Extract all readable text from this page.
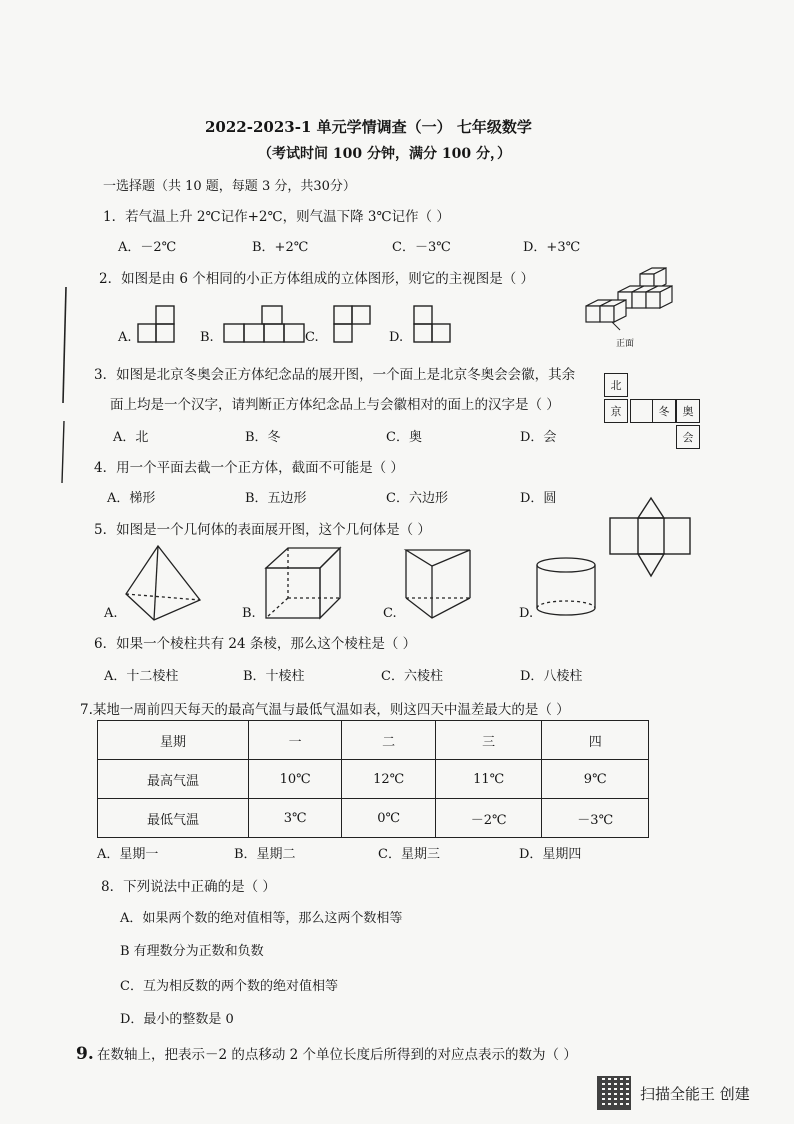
2022-2023-1 单元学情调查（一） 七年级数学
（考试时间 100 分钟，满分 100 分，）
一选择题（共 10 题，每题 3 分，共30分）
1．若气温上升 2℃记作+2℃，则气温下降 3℃记作（ ）
A．－2℃	B．+2℃	C．－3℃	D．+3℃
2．如图是由 6 个相同的小正方体组成的立体图形，则它的主视图是（ ）
A.	B.	C.	D.	正面
3．如图是北京冬奥会正方体纪念品的展开图，一个面上是北京冬奥会会徽，其余
面上均是一个汉字，请判断正方体纪念品上与会徽相对的面上的汉字是（ ）
A．北	B．冬	C．奥	D．会
北
京	冬	奥
会
4．用一个平面去截一个正方体，截面不可能是（ ）
A．梯形	B．五边形	C．六边形	D．圆
5．如图是一个几何体的表面展开图，这个几何体是（ ）
A.	B.	C.	D.
6．如果一个棱柱共有 24 条棱，那么这个棱柱是（ ）
A．十二棱柱	B．十棱柱	C．六棱柱	D．八棱柱
7.某地一周前四天每天的最高气温与最低气温如表，则这四天中温差最大的是（ ）
星期	一	二	三	四
最高气温	10℃	12℃	11℃	9℃
最低气温	3℃	0℃	－2℃	－3℃
A．星期一	B．星期二	C．星期三	D．星期四
8．下列说法中正确的是（ ）
A．如果两个数的绝对值相等，那么这两个数相等
B 有理数分为正数和负数
C．互为相反数的两个数的绝对值相等
D．最小的整数是 0
9. 在数轴上，把表示－2 的点移动 2 个单位长度后所得到的对应点表示的数为（ ）
扫描全能王 创建
